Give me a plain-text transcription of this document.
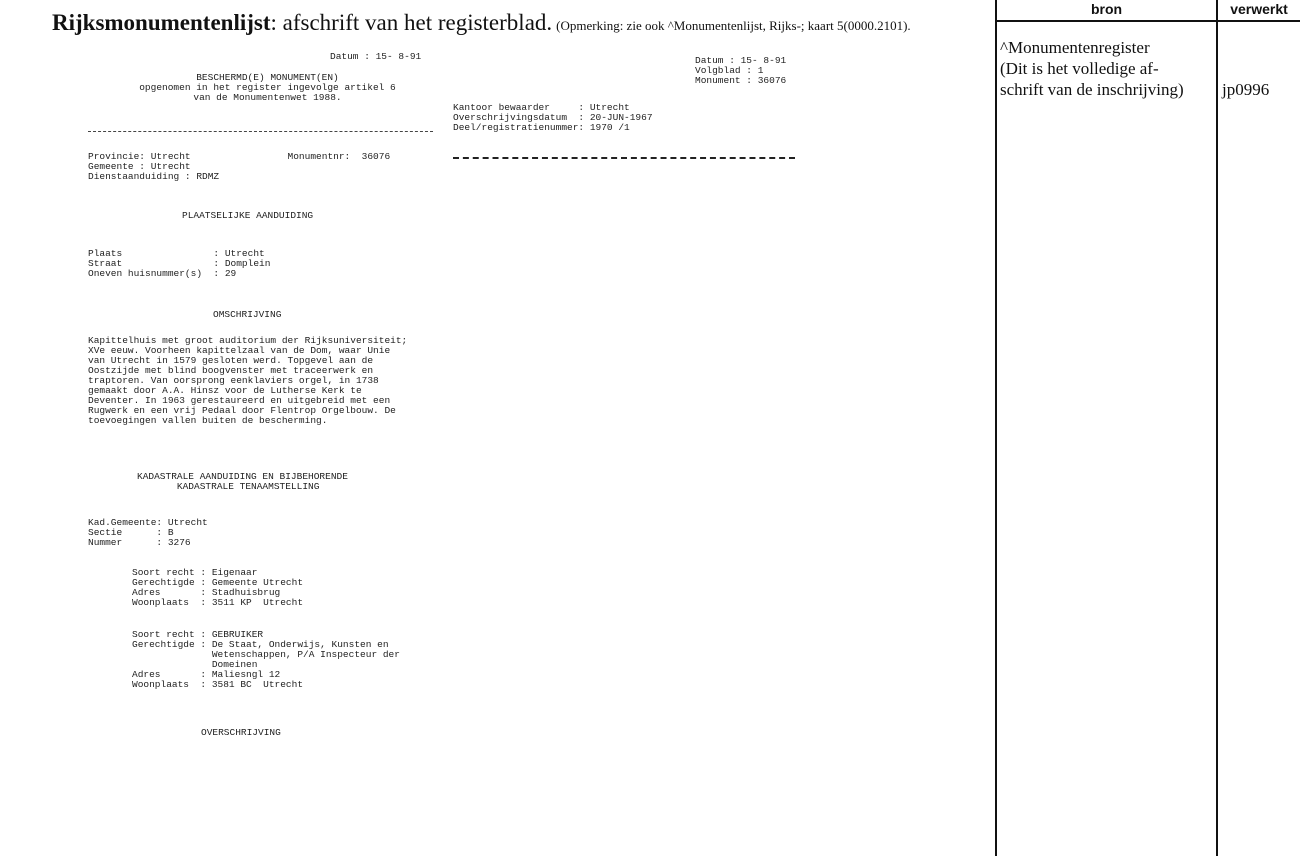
Rijksmonumentenlijst: afschrift van het registerblad. (Opmerking: zie ook ^Monumentenlijst, Rijks-; kaart 5(0000.2101).
Datum : 15- 8-91
BESCHERMD(E) MONUMENT(EN)
opgenomen in het register ingevolge artikel 6
van de Monumentenwet 1988.
Provincie: Utrecht                 Monumentnr:  36076
Gemeente : Utrecht
Dienstaanduiding : RDMZ
PLAATSELIJKE AANDUIDING
Plaats                : Utrecht
Straat                : Domplein
Oneven huisnummer(s)  : 29
OMSCHRIJVING
Kapittelhuis met groot auditorium der Rijksuniversiteit;
XVe eeuw. Voorheen kapittelzaal van de Dom, waar Unie
van Utrecht in 1579 gesloten werd. Topgevel aan de
Oostzijde met blind boogvenster met traceerwerk en
traptoren. Van oorsprong eenklaviers orgel, in 1738
gemaakt door A.A. Hinsz voor de Lutherse Kerk te
Deventer. In 1963 gerestaureerd en uitgebreid met een
Rugwerk en een vrij Pedaal door Flentrop Orgelbouw. De
toevoegingen vallen buiten de bescherming.
KADASTRALE AANDUIDING EN BIJBEHORENDE
KADASTRALE TENAAMSTELLING
Kad.Gemeente: Utrecht
Sectie      : B
Nummer      : 3276
Soort recht : Eigenaar
Gerechtigde : Gemeente Utrecht
Adres       : Stadhuisbrug
Woonplaats  : 3511 KP  Utrecht
Soort recht : GEBRUIKER
Gerechtigde : De Staat, Onderwijs, Kunsten en
Wetenschappen, P/A Inspecteur der
Domeinen
Adres       : Maliesngl 12
Woonplaats  : 3581 BC  Utrecht
OVERSCHRIJVING
Datum : 15- 8-91
Volgblad : 1
Monument : 36076
Kantoor bewaarder     : Utrecht
Overschrijvingsdatum  : 20-JUN-1967
Deel/registratienummer: 1970 /1
bron	verwerkt
^Monumentenregister
(Dit is het volledige af-
schrift van de inschrijving) jp0996
